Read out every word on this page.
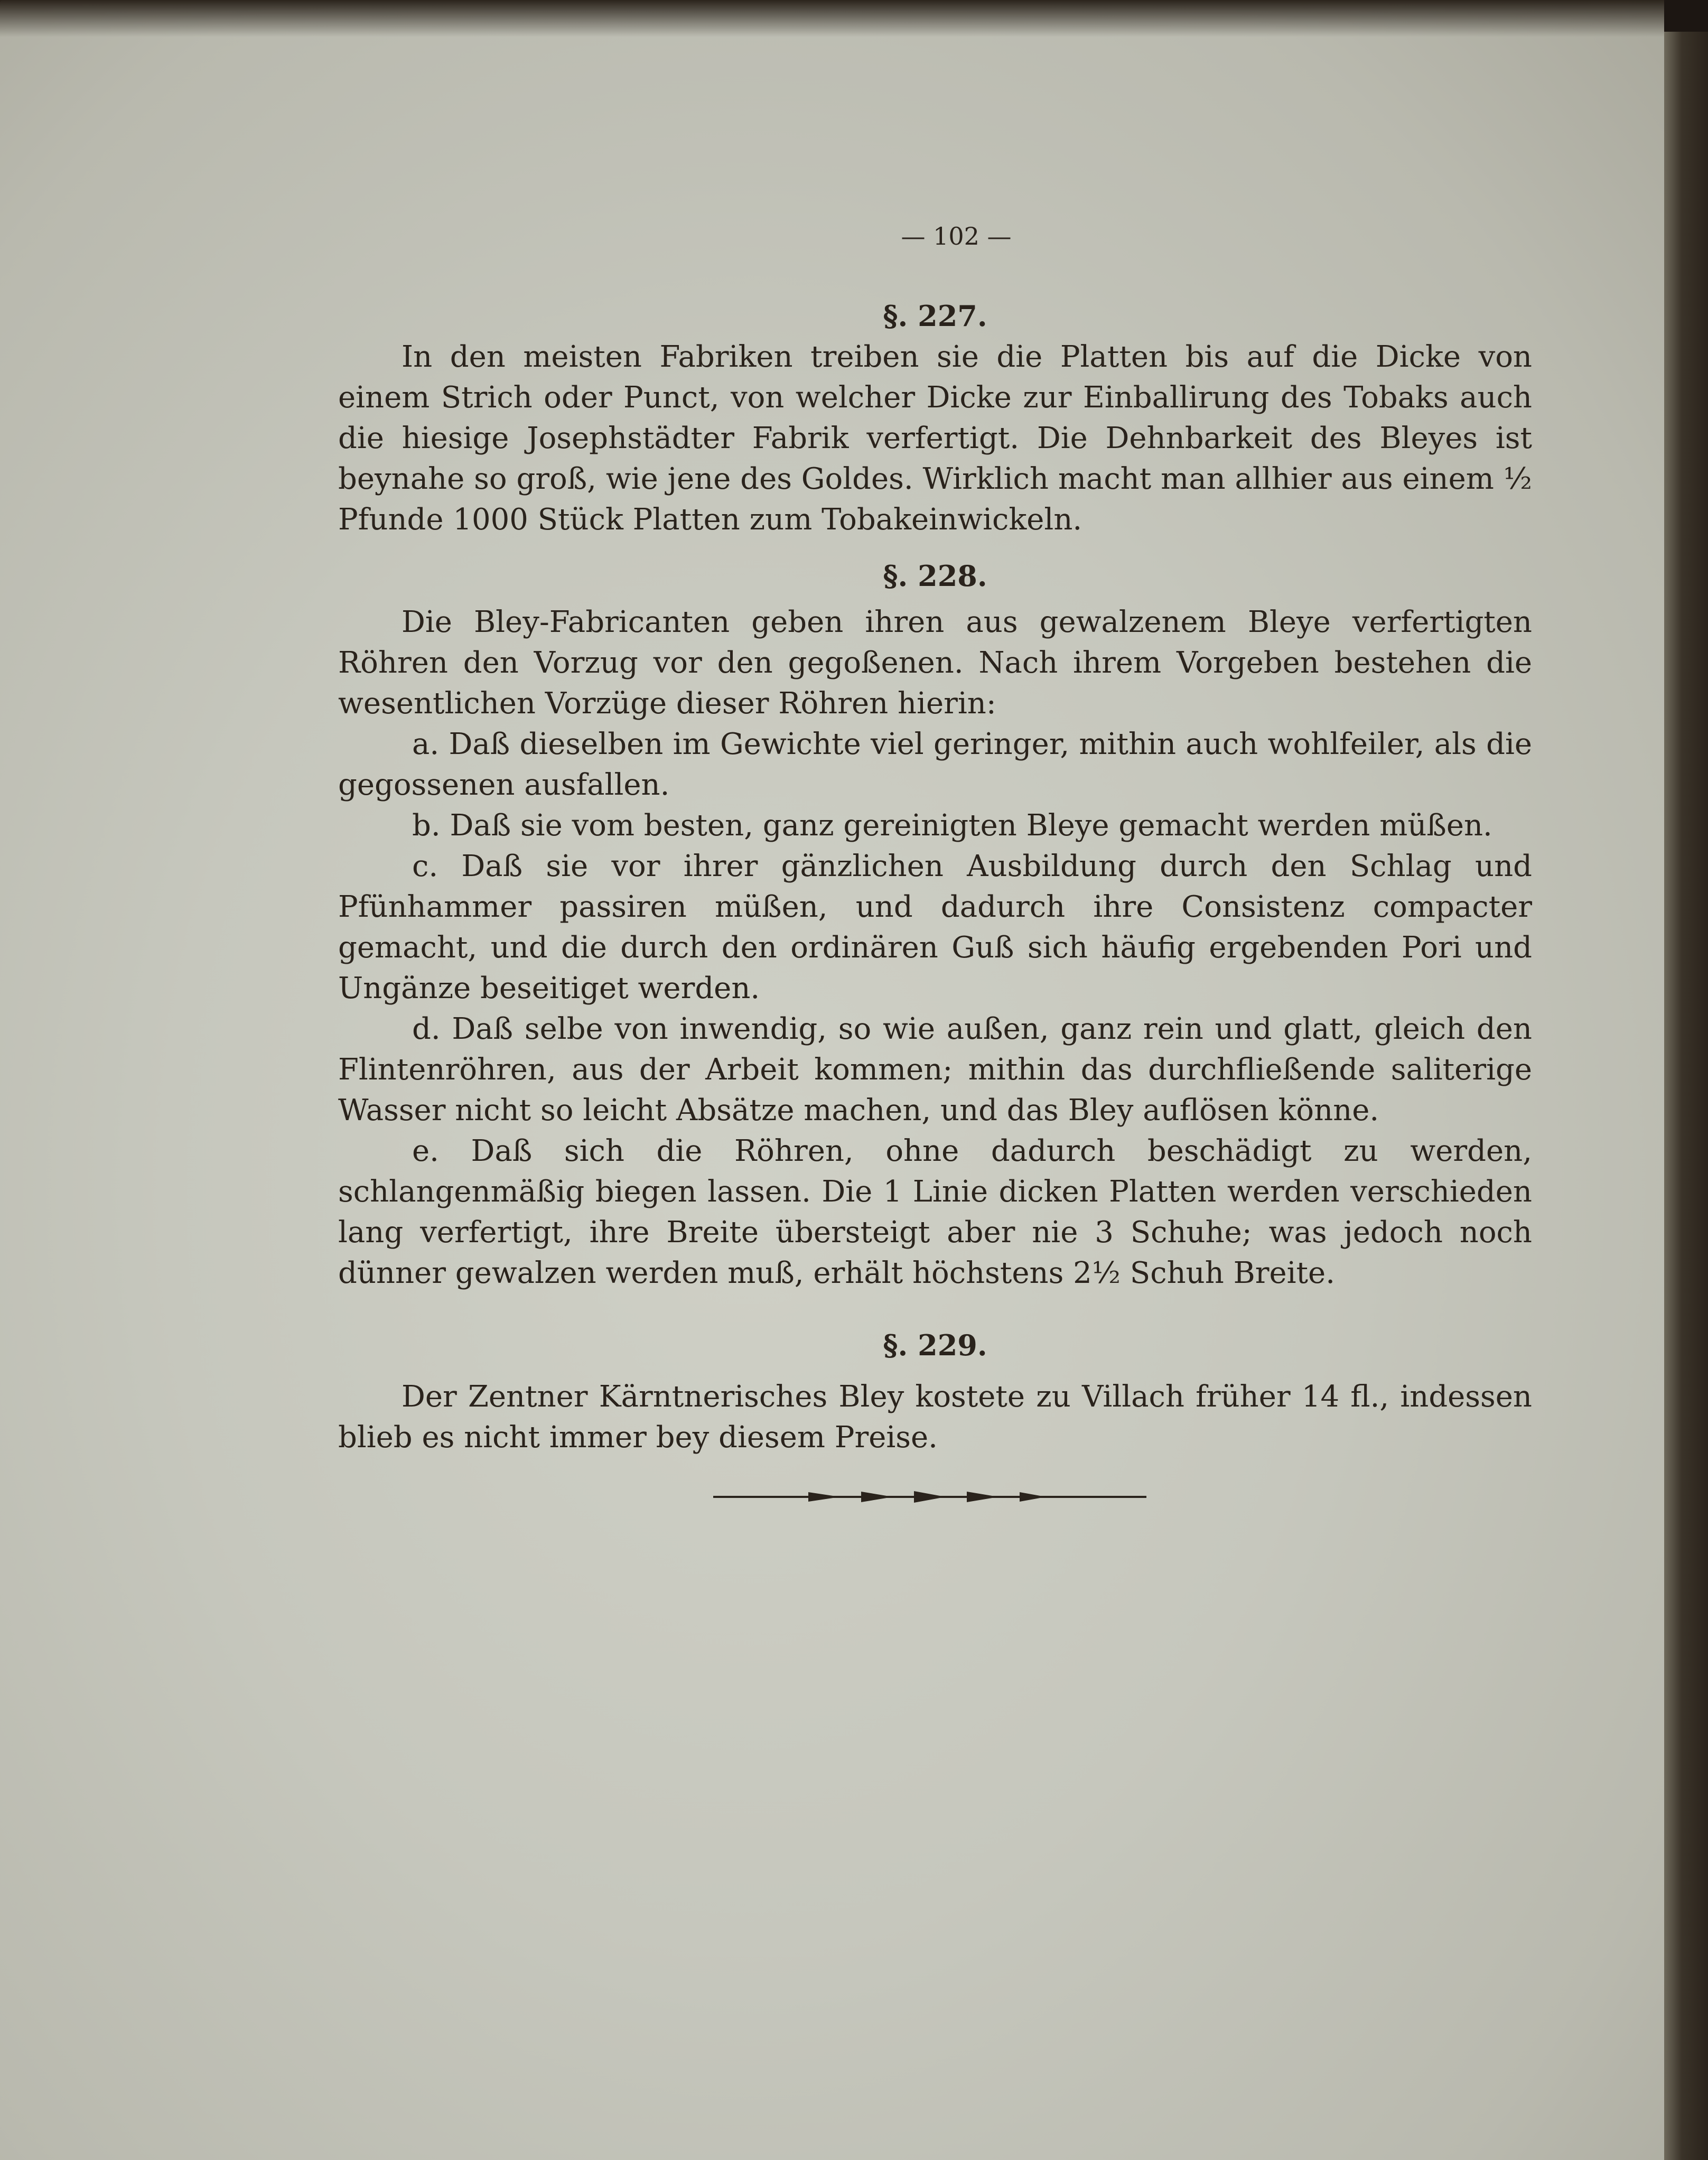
— 102 —
§. 227.

In den meisten Fabriken treiben sie die Platten bis auf die Dicke von einem Strich oder Punct, von welcher Dicke zur Einballirung des Tobaks auch die hiesige Josephstädter Fabrik verfertigt. Die Dehnbarkeit des Bleyes ist beynahe so groß, wie jene des Goldes. Wirklich macht man allhier aus einem ½ Pfunde 1000 Stück Platten zum Tobakeinwickeln.

§. 228.

Die Bley-Fabricanten geben ihren aus gewalzenem Bleye verfertigten Röhren den Vorzug vor den gegoßenen. Nach ihrem Vorgeben bestehen die wesentlichen Vorzüge dieser Röhren hierin:

a. Daß dieselben im Gewichte viel geringer, mithin auch wohlfeiler, als die gegossenen ausfallen.

b. Daß sie vom besten, ganz gereinigten Bleye gemacht werden müßen.

c. Daß sie vor ihrer gänzlichen Ausbildung durch den Schlag und Pfünhammer passiren müßen, und dadurch ihre Consistenz compacter gemacht, und die durch den ordinären Guß sich häufig ergebenden Pori und Ungänze beseitiget werden.

d. Daß selbe von inwendig, so wie außen, ganz rein und glatt, gleich den Flintenröhren, aus der Arbeit kommen; mithin das durchfließende saliterige Wasser nicht so leicht Absätze machen, und das Bley auflösen könne.

e. Daß sich die Röhren, ohne dadurch beschädigt zu werden, schlangenmäßig biegen lassen. Die 1 Linie dicken Platten werden verschieden lang verfertigt, ihre Breite übersteigt aber nie 3 Schuhe; was jedoch noch dünner gewalzen werden muß, erhält höchstens 2½ Schuh Breite.

§. 229.

Der Zentner Kärntnerisches Bley kostete zu Villach früher 14 fl., indessen blieb es nicht immer bey diesem Preise.
